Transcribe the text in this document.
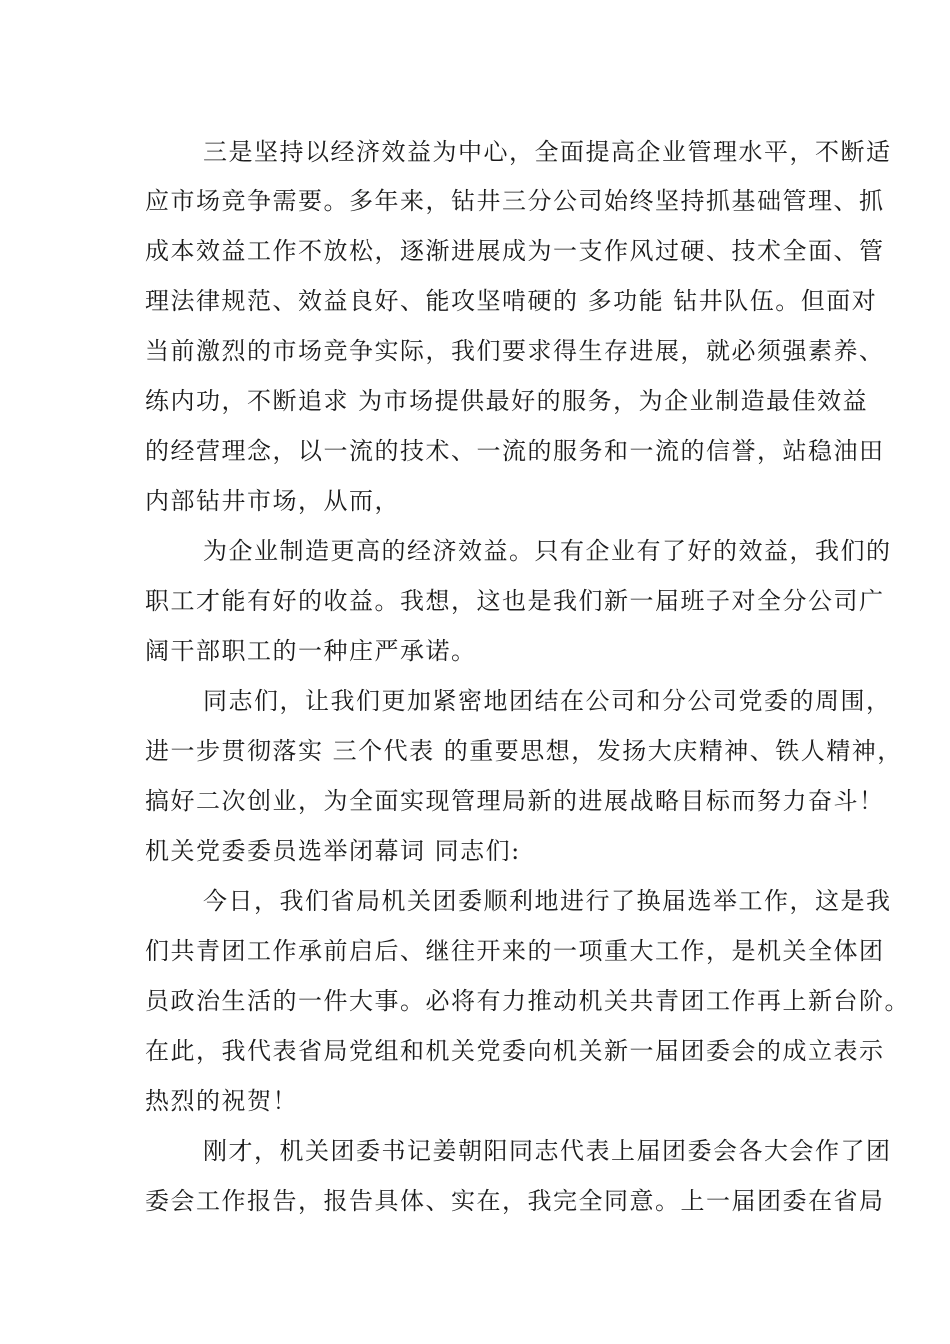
三是坚持以经济效益为中心，全面提高企业管理水平，不断适

应市场竞争需要。多年来，钻井三分公司始终坚持抓基础管理、抓

成本效益工作不放松，逐渐进展成为一支作风过硬、技术全面、管

理法律规范、效益良好、能攻坚啃硬的 多功能 钻井队伍。但面对

当前激烈的市场竞争实际，我们要求得生存进展，就必须强素养、

练内功，不断追求 为市场提供最好的服务，为企业制造最佳效益

的经营理念，以一流的技术、一流的服务和一流的信誉，站稳油田

内部钻井市场，从而，

为企业制造更高的经济效益。只有企业有了好的效益，我们的

职工才能有好的收益。我想，这也是我们新一届班子对全分公司广

阔干部职工的一种庄严承诺。

同志们，让我们更加紧密地团结在公司和分公司党委的周围，

进一步贯彻落实 三个代表 的重要思想，发扬大庆精神、铁人精神，

搞好二次创业，为全面实现管理局新的进展战略目标而努力奋斗！

机关党委委员选举闭幕词 同志们:

今日，我们省局机关团委顺利地进行了换届选举工作，这是我

们共青团工作承前启后、继往开来的一项重大工作，是机关全体团

员政治生活的一件大事。必将有力推动机关共青团工作再上新台阶。

在此，我代表省局党组和机关党委向机关新一届团委会的成立表示

热烈的祝贺！

刚才，机关团委书记姜朝阳同志代表上届团委会各大会作了团

委会工作报告，报告具体、实在，我完全同意。上一届团委在省局
